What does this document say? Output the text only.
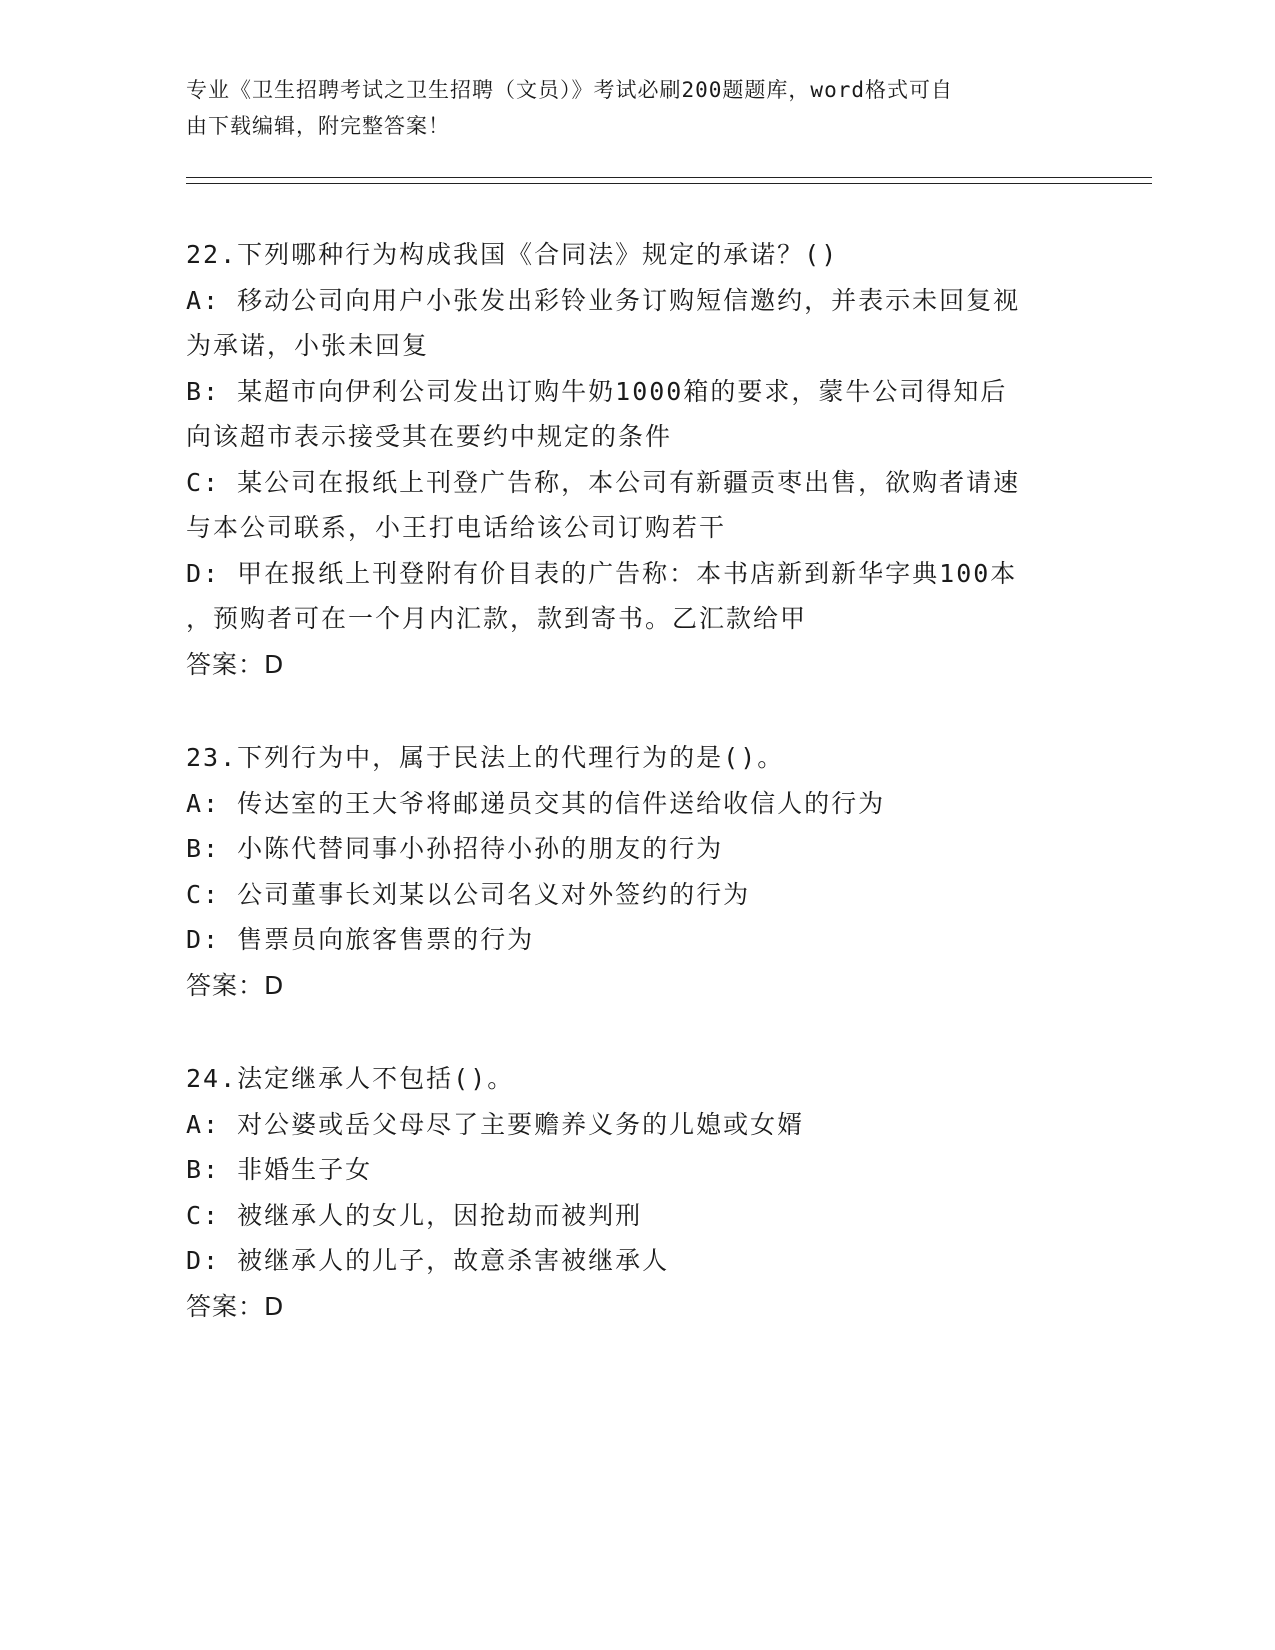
专业《卫生招聘考试之卫生招聘（文员）》考试必刷200题题库，word格式可自
由下载编辑，附完整答案！
22.下列哪种行为构成我国《合同法》规定的承诺？()
A: 移动公司向用户小张发出彩铃业务订购短信邀约，并表示未回复视
为承诺，小张未回复
B: 某超市向伊利公司发出订购牛奶1000箱的要求，蒙牛公司得知后
向该超市表示接受其在要约中规定的条件
C: 某公司在报纸上刊登广告称，本公司有新疆贡枣出售，欲购者请速
与本公司联系，小王打电话给该公司订购若干
D: 甲在报纸上刊登附有价目表的广告称：本书店新到新华字典100本
，预购者可在一个月内汇款，款到寄书。乙汇款给甲
答案：D
23.下列行为中，属于民法上的代理行为的是()。
A: 传达室的王大爷将邮递员交其的信件送给收信人的行为
B: 小陈代替同事小孙招待小孙的朋友的行为
C: 公司董事长刘某以公司名义对外签约的行为
D: 售票员向旅客售票的行为
答案：D
24.法定继承人不包括()。
A: 对公婆或岳父母尽了主要赡养义务的儿媳或女婿
B: 非婚生子女
C: 被继承人的女儿，因抢劫而被判刑
D: 被继承人的儿子，故意杀害被继承人
答案：D
